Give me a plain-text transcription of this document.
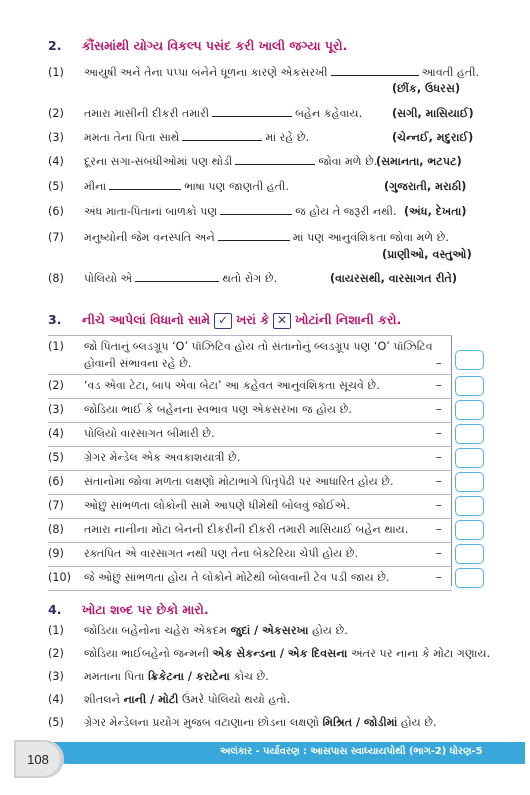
2. કૌંસમાંથી યોગ્ય વિકલ્પ પસંદ કરી ખાલી જગ્યા પૂરો.
(1)	આયુષી અને તેના પપ્પા બંનેને ધૂળના કારણે એકસરખી	આવતી હતી.
(છીંક, ઉધરસ)
(2)	તમારા માસીની દીકરી તમારી	બહેન કહેવાય.	(સગી, માસિયાઈ)
(3)	મમતા તેના પિતા સાથે	માં રહે છે.	(ચેન્નઈ, મદુરાઈ)
(4)	દૂરના સગા-સંબંધીઓમાં પણ થોડી	જોવા મળે છે.
(સમાનતા, ભટપટ)
(5)	મીના	ભાષા પણ જાણતી હતી.	(ગુજરાતી, મરાઠી)
(6)	અંધ માતા-પિતાનાં બાળકો પણ	જ હોય તે જરૂરી નથી. (અંધ, દેખતા)
(7)	મનુષ્યોની જેમ વનસ્પતિ અને	માં પણ આનુવંશિકતા જોવા મળે છે.
(પ્રાણીઓ, વસ્તુઓ)
(8)	પોલિયો એ	થતો રોગ છે.	(વાયરસથી, વારસાગત રીતે)
3. નીચે આપેલાં વિધાનો સામે ✓ ખરાં કે ✕ ખોટાંની નિશાની કરો.
(1) જો પિતાનું બ્લડગ્રૂપ ‘O’ પૉઝિટિવ હોય તો સંતાનોનું બ્લડગ્રૂપ પણ ‘O’ પૉઝિટિવ
હોવાની સંભાવના રહે છે.	–
(2) ‘વડ એવા ટેટા, બાપ એવા બેટા’ આ કહેવત આનુવંશિકતા સૂચવે છે.	–
(3) જોડિયા ભાઈ કે બહેનના સ્વભાવ પણ એકસરખા જ હોય છે.	–
(4) પોલિયો વારસાગત બીમારી છે.	–
(5) ગ્રેગર મેન્ડેલ એક અવકાશયાત્રી છે.	–
(6) સંતાનોમાં જોવા મળતા લક્ષણો મોટાભાગે પિતૃપેઢી પર આધારિત હોય છે.	–
(7) ઓછું સાંભળતા લોકોની સામે આપણે ધીમેથી બોલવું જોઈએ.	–
(8) તમારા નાનીના મોટાં બેનની દીકરીની દીકરી તમારી માસિયાઈ બહેન થાય. –
(9) રક્તપિત એ વારસાગત નથી પણ તેના બેક્ટેરિયા ચેપી હોય છે.	–
(10) જે ઓછું સાંભળતા હોય તે લોકોને મોટેથી બોલવાની ટેવ પડી જાય છે.	–
4. ખોટા શબ્દ પર છેકો મારો.
(1)	જોડિયા બહેનોના ચહેરા એકદમ જુદાં / એકસરખા હોય છે.
(2)	જોડિયા ભાઈબહેનો જન્મની એક સેકન્ડના / એક દિવસના અંતર પર નાના કે મોટા ગણાય.
(3)	મમતાના પિતા ક્રિકેટના / કરાટેના કોચ છે.
(4)	શીતલને નાની / મોટી ઉંમરે પોલિયો થયો હતો.
(5)	ગ્રેગર મેન્ડેલના પ્રયોગ મુજબ વટાણાના છોડના લક્ષણો મિશ્રિત / જોડીમાં હોય છે.
અલંકાર - પર્યાવરણ : આસપાસ સ્વાધ્યાયપોથી (ભાગ-2) ધોરણ-5
108
